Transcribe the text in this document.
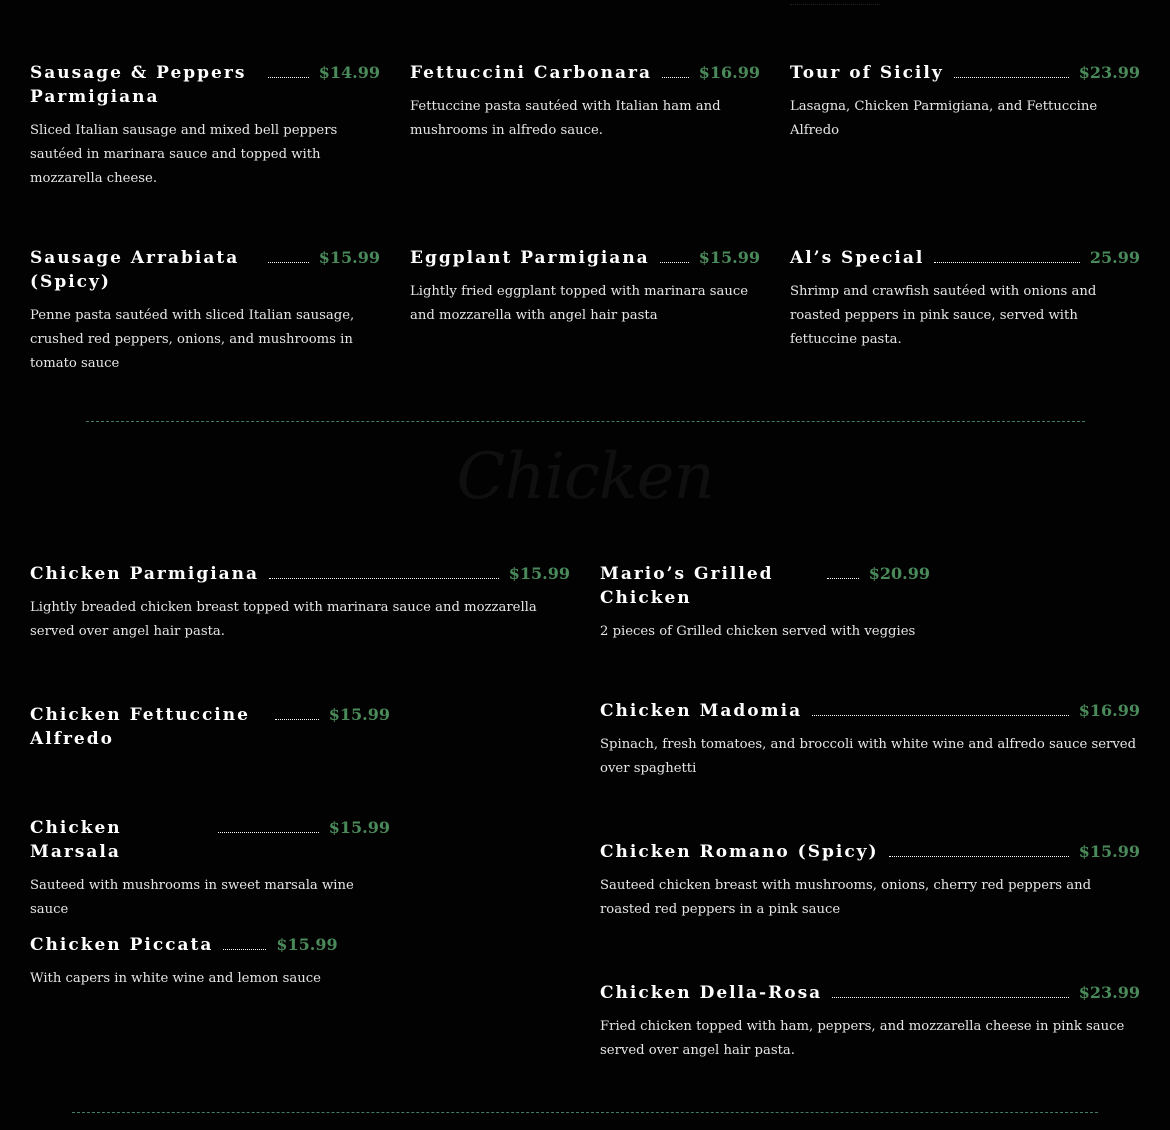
Sausage & Peppers Parmigiana
$14.99
Sliced Italian sausage and mixed bell peppers sautéed in marinara sauce and topped with mozzarella cheese.
Fettuccini Carbonara	$16.99
Fettuccine pasta sautéed with Italian ham and mushrooms in alfredo sauce.
Tour of Sicily	$23.99
Lasagna, Chicken Parmigiana, and Fettuccine Alfredo
Sausage Arrabiata (Spicy)
$15.99
Penne pasta sautéed with sliced Italian sausage, crushed red peppers, onions, and mushrooms in tomato sauce
Eggplant Parmigiana	$15.99
Lightly fried eggplant topped with marinara sauce and mozzarella with angel hair pasta
Al’s Special	25.99
Shrimp and crawfish sautéed with onions and roasted peppers in pink sauce, served with fettuccine pasta.
Chicken
Chicken Parmigiana	$15.99
Lightly breaded chicken breast topped with marinara sauce and mozzarella served over angel hair pasta.
Chicken Fettuccine Alfredo
$15.99
Chicken Marsala
$15.99
Sauteed with mushrooms in sweet marsala wine sauce
Chicken Piccata	$15.99
With capers in white wine and lemon sauce
Mario’s Grilled Chicken
$20.99
2 pieces of Grilled chicken served with veggies
Chicken Madomia	$16.99
Spinach, fresh tomatoes, and broccoli with white wine and alfredo sauce served over spaghetti
Chicken Romano (Spicy)	$15.99
Sauteed chicken breast with mushrooms, onions, cherry red peppers and roasted red peppers in a pink sauce
Chicken Della-Rosa	$23.99
Fried chicken topped with ham, peppers, and mozzarella cheese in pink sauce served over angel hair pasta.
